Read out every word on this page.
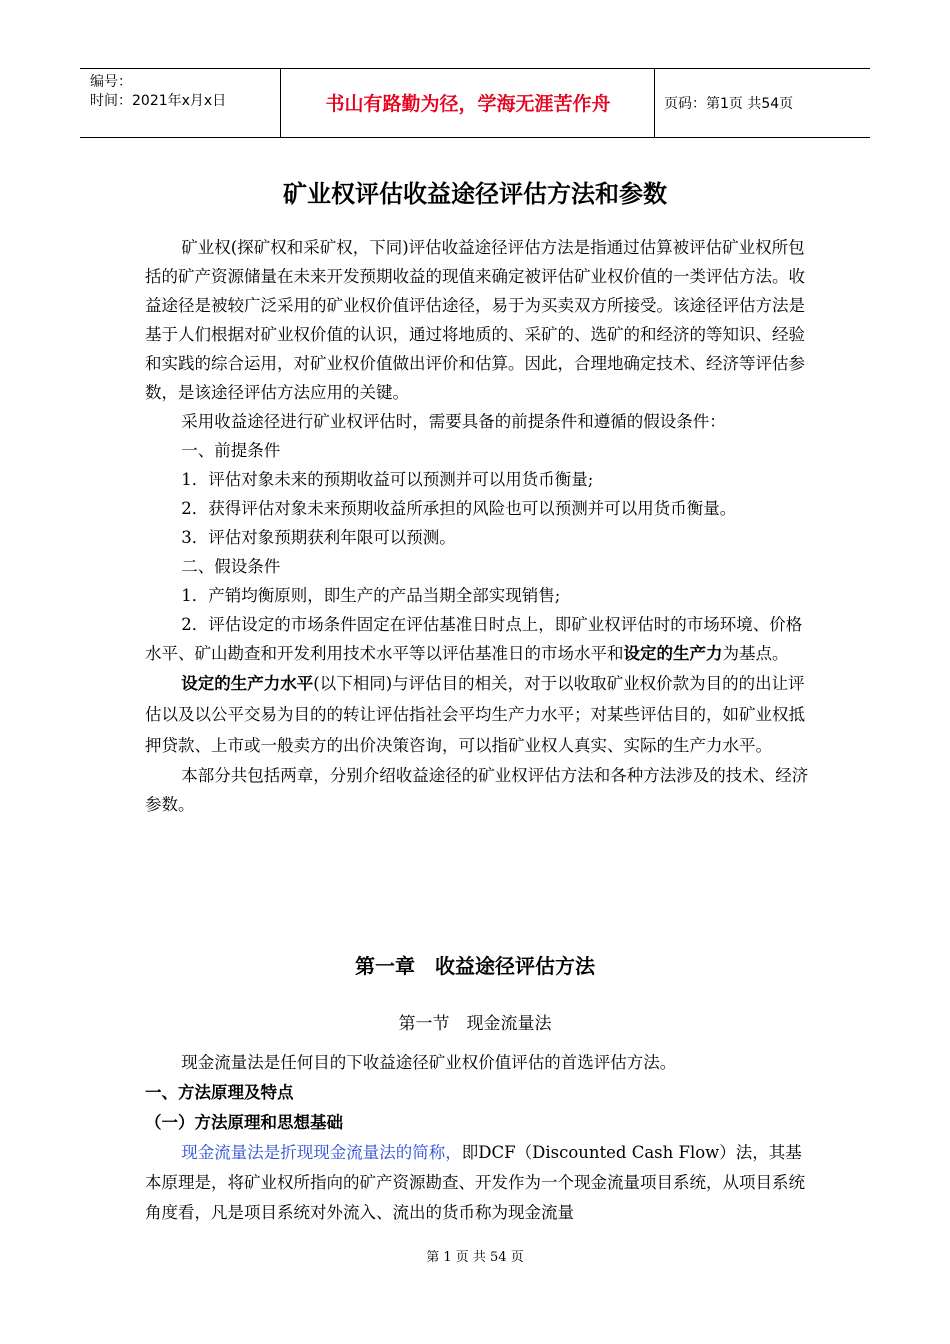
编号：
时间：2021年x月x日	书山有路勤为径，学海无涯苦作舟	页码：第1页 共54页
矿业权评估收益途径评估方法和参数

矿业权(探矿权和采矿权，下同)评估收益途径评估方法是指通过估算被评估矿业权所包括的矿产资源储量在未来开发预期收益的现值来确定被评估矿业权价值的一类评估方法。收益途径是被较广泛采用的矿业权价值评估途径，易于为买卖双方所接受。该途径评估方法是基于人们根据对矿业权价值的认识，通过将地质的、采矿的、选矿的和经济的等知识、经验和实践的综合运用，对矿业权价值做出评价和估算。因此，合理地确定技术、经济等评估参数，是该途径评估方法应用的关键。

采用收益途径进行矿业权评估时，需要具备的前提条件和遵循的假设条件：

一、前提条件

1．评估对象未来的预期收益可以预测并可以用货币衡量;

2．获得评估对象未来预期收益所承担的风险也可以预测并可以用货币衡量。

3．评估对象预期获利年限可以预测。

二、假设条件

1．产销均衡原则，即生产的产品当期全部实现销售;

2．评估设定的市场条件固定在评估基准日时点上，即矿业权评估时的市场环境、价格水平、矿山勘查和开发利用技术水平等以评估基准日的市场水平和设定的生产力为基点。

设定的生产力水平(以下相同)与评估目的相关，对于以收取矿业权价款为目的的出让评估以及以公平交易为目的的转让评估指社会平均生产力水平；对某些评估目的，如矿业权抵押贷款、上市或一般卖方的出价决策咨询，可以指矿业权人真实、实际的生产力水平。

本部分共包括两章，分别介绍收益途径的矿业权评估方法和各种方法涉及的技术、经济参数。

第一章　收益途径评估方法
第一节　现金流量法

现金流量法是任何目的下收益途径矿业权价值评估的首选评估方法。

一、方法原理及特点

（一）方法原理和思想基础

现金流量法是折现现金流量法的简称，即DCF（Discounted Cash Flow）法，其基本原理是，将矿业权所指向的矿产资源勘查、开发作为一个现金流量项目系统，从项目系统角度看，凡是项目系统对外流入、流出的货币称为现金流量

第 1 页 共 54 页
